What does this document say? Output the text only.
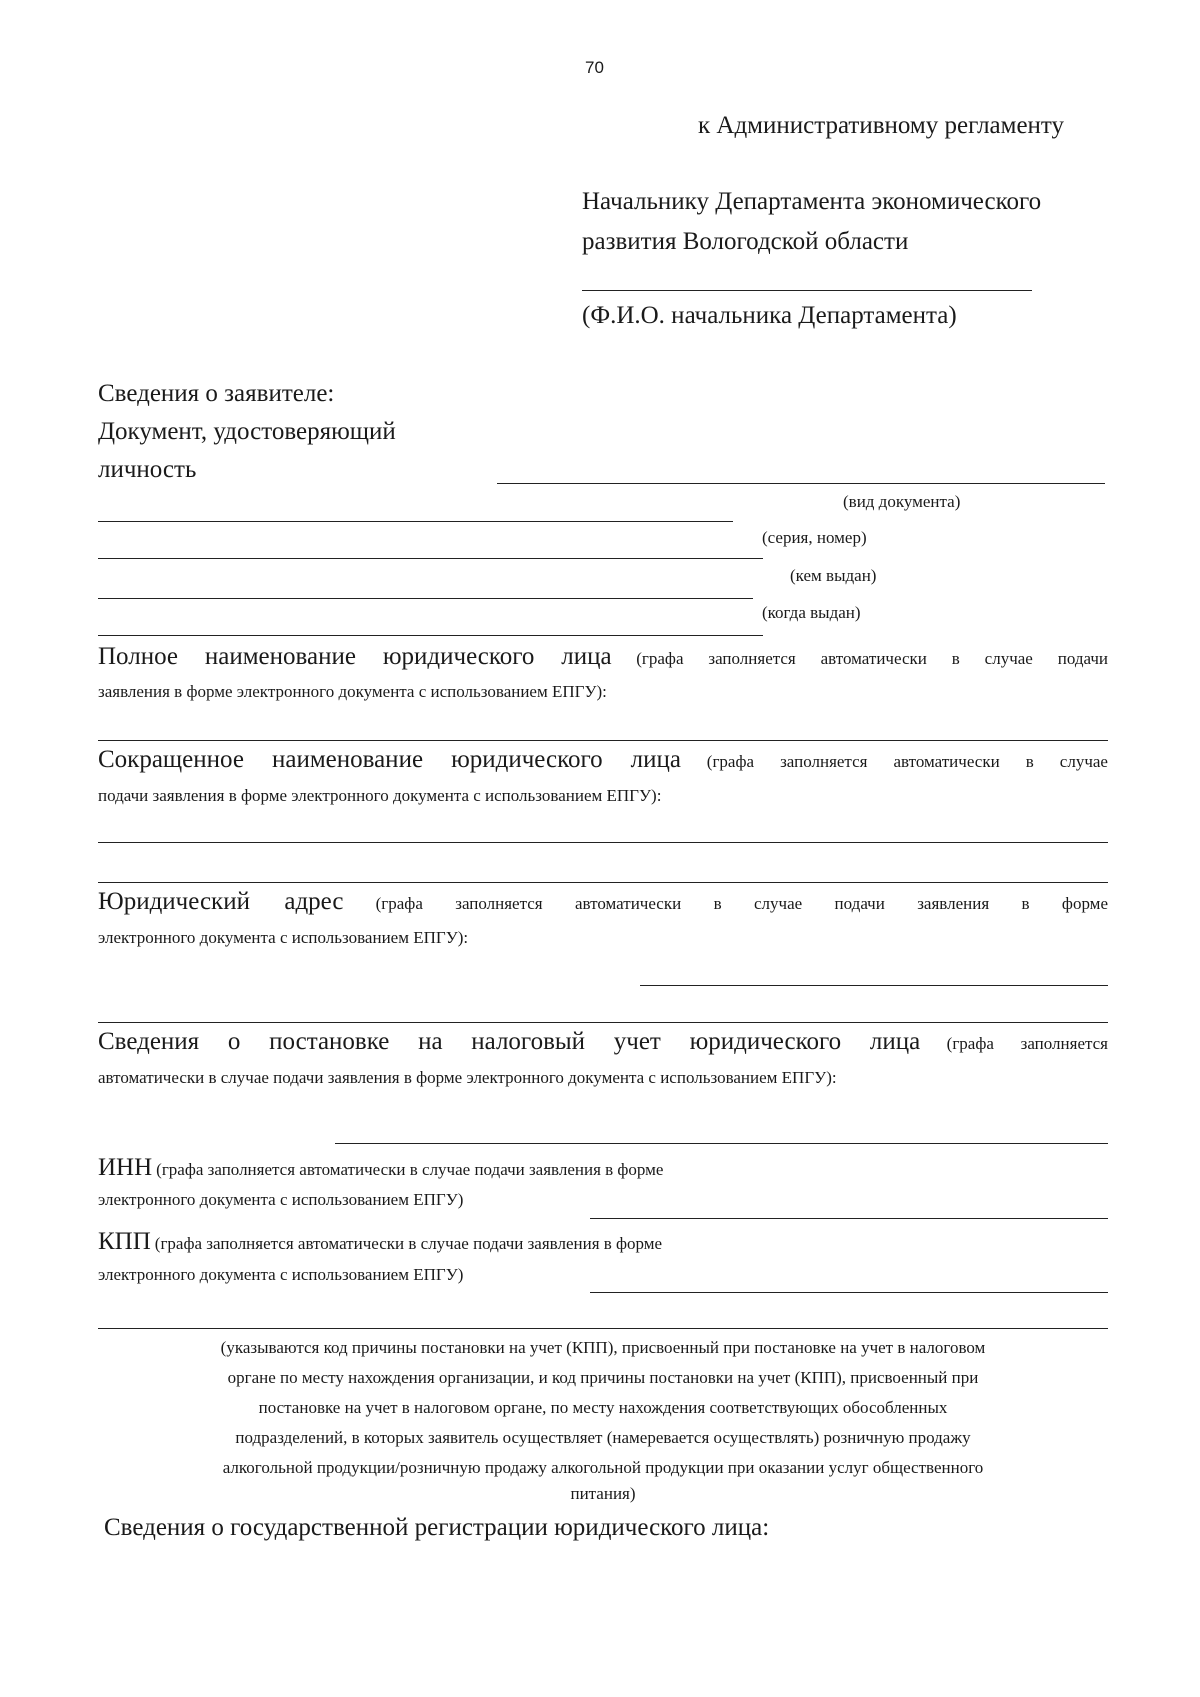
70
к Административному регламенту
Начальнику Департамента экономического
развития Вологодской области
(Ф.И.О. начальника Департамента)
Сведения о заявителе:
Документ, удостоверяющий
личность
(вид документа)
(серия, номер)
(кем выдан)
(когда выдан)
Полное наименование юридического лица (графа заполняется автоматически в случае подачи
заявления в форме электронного документа с использованием ЕПГУ):
Сокращенное наименование юридического лица (графа заполняется автоматически в случае
подачи заявления в форме электронного документа с использованием ЕПГУ):
Юридический адрес (графа заполняется автоматически в случае подачи заявления в форме
электронного документа с использованием ЕПГУ):
Сведения о постановке на налоговый учет юридического лица (графа заполняется
автоматически в случае подачи заявления в форме электронного документа с использованием ЕПГУ):
ИНН (графа заполняется автоматически в случае подачи заявления в форме
электронного документа с использованием ЕПГУ)
КПП (графа заполняется автоматически в случае подачи заявления в форме
электронного документа с использованием ЕПГУ)

(указываются код причины постановки на учет (КПП), присвоенный при постановке на учет в налоговом

органе по месту нахождения организации, и код причины постановки на учет (КПП), присвоенный при

постановке на учет в налоговом органе, по месту нахождения соответствующих обособленных

подразделений, в которых заявитель осуществляет (намеревается осуществлять) розничную продажу

алкогольной продукции/розничную продажу алкогольной продукции при оказании услуг общественного

питания)

Сведения о государственной регистрации юридического лица:
